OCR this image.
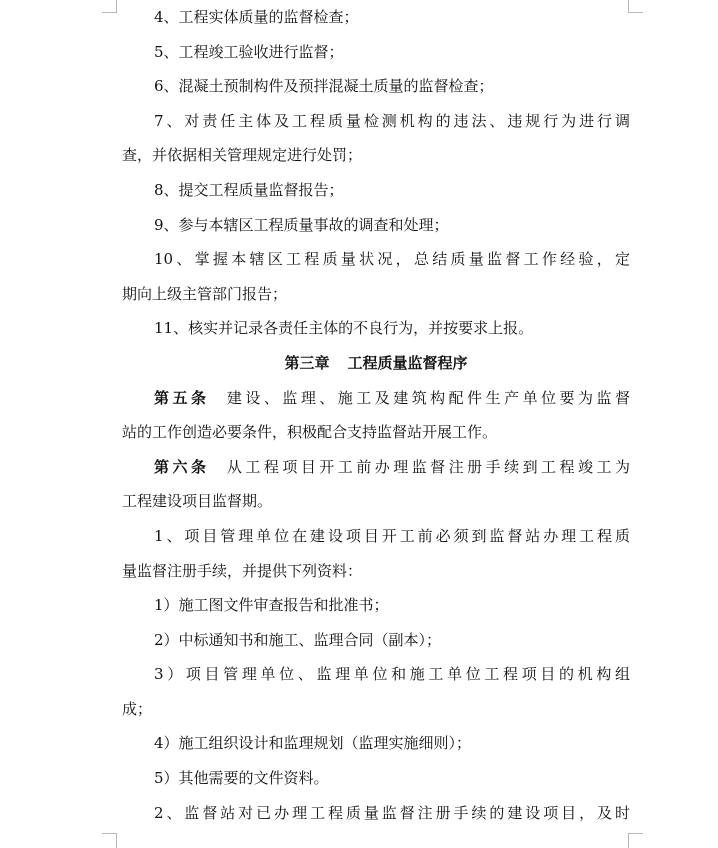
4、工程实体质量的监督检查；
5、工程竣工验收进行监督；
6、混凝土预制构件及预拌混凝土质量的监督检查；
7、对责任主体及工程质量检测机构的违法、违规行为进行调
查，并依据相关管理规定进行处罚；
8、提交工程质量监督报告；
9、参与本辖区工程质量事故的调查和处理；
10、掌握本辖区工程质量状况，总结质量监督工作经验，定
期向上级主管部门报告；
11、核实并记录各责任主体的不良行为，并按要求上报。
第三章 工程质量监督程序
第五条 建设、监理、施工及建筑构配件生产单位要为监督
站的工作创造必要条件，积极配合支持监督站开展工作。
第六条 从工程项目开工前办理监督注册手续到工程竣工为
工程建设项目监督期。
1、项目管理单位在建设项目开工前必须到监督站办理工程质
量监督注册手续，并提供下列资料：
1）施工图文件审查报告和批准书；
2）中标通知书和施工、监理合同（副本）；
3）项目管理单位、监理单位和施工单位工程项目的机构组
成；
4）施工组织设计和监理规划（监理实施细则）；
5）其他需要的文件资料。
2、监督站对已办理工程质量监督注册手续的建设项目，及时
